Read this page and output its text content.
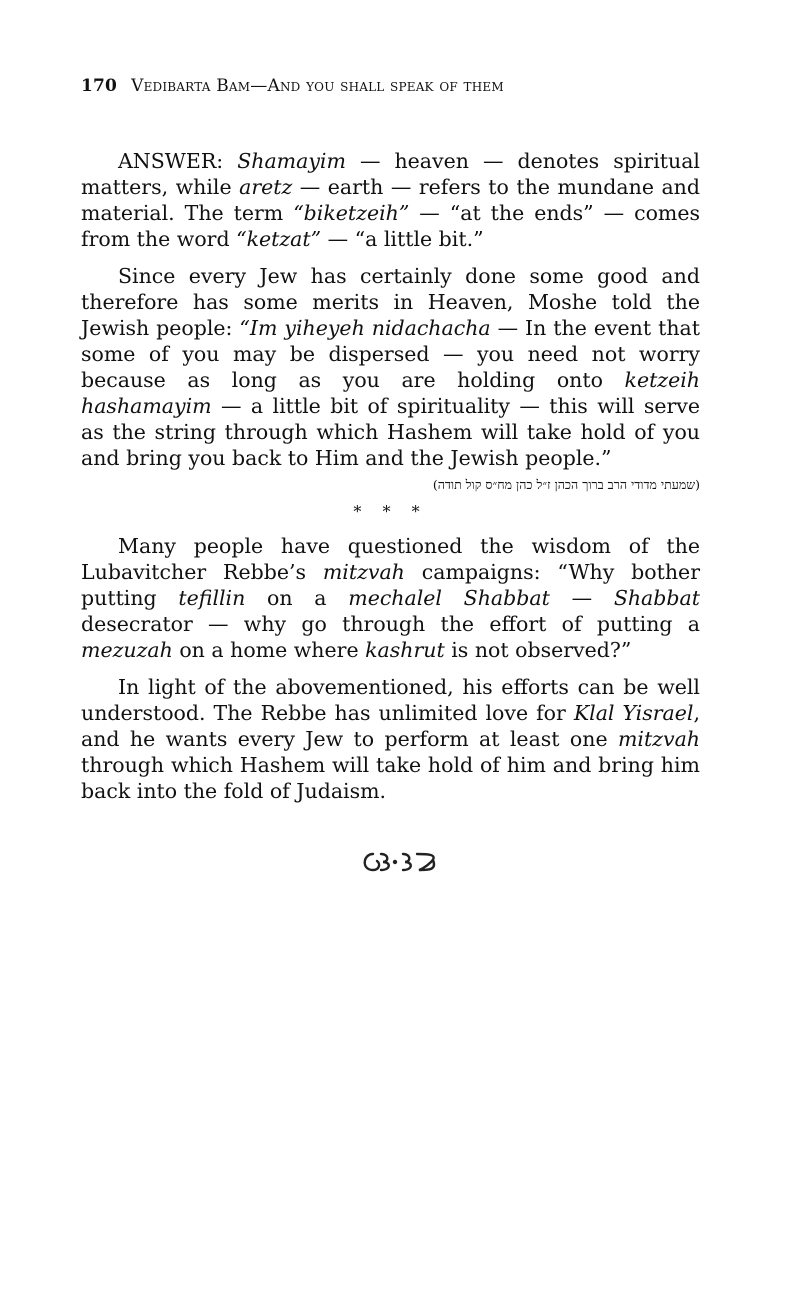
170 Vedibarta Bam—And you shall speak of them

ANSWER: Shamayim — heaven — denotes spiritual matters, while aretz — earth — refers to the mundane and material. The term “biketzeih” — “at the ends” — comes from the word “ketzat” — “a little bit.”

Since every Jew has certainly done some good and therefore has some merits in Heaven, Moshe told the Jewish people: “Im yiheyeh nidachacha — In the event that some of you may be dispersed — you need not worry because as long as you are holding onto ketzeih hashamayim — a little bit of spirituality — this will serve as the string through which Hashem will take hold of you and bring you back to Him and the Jewish people.”

(שמעתי מדודי הרב ברוך הכהן ז״ל כהן מח״ס קול תודה)
* * *

Many people have questioned the wisdom of the Lubavitcher Rebbe’s mitzvah campaigns: “Why bother putting tefillin on a mechalel Shabbat — Shabbat desecrator — why go through the effort of putting a mezuzah on a home where kashrut is not observed?”

In light of the abovementioned, his efforts can be well understood. The Rebbe has unlimited love for Klal Yisrael, and he wants every Jew to perform at least one mitzvah through which Hashem will take hold of him and bring him back into the fold of Judaism.
